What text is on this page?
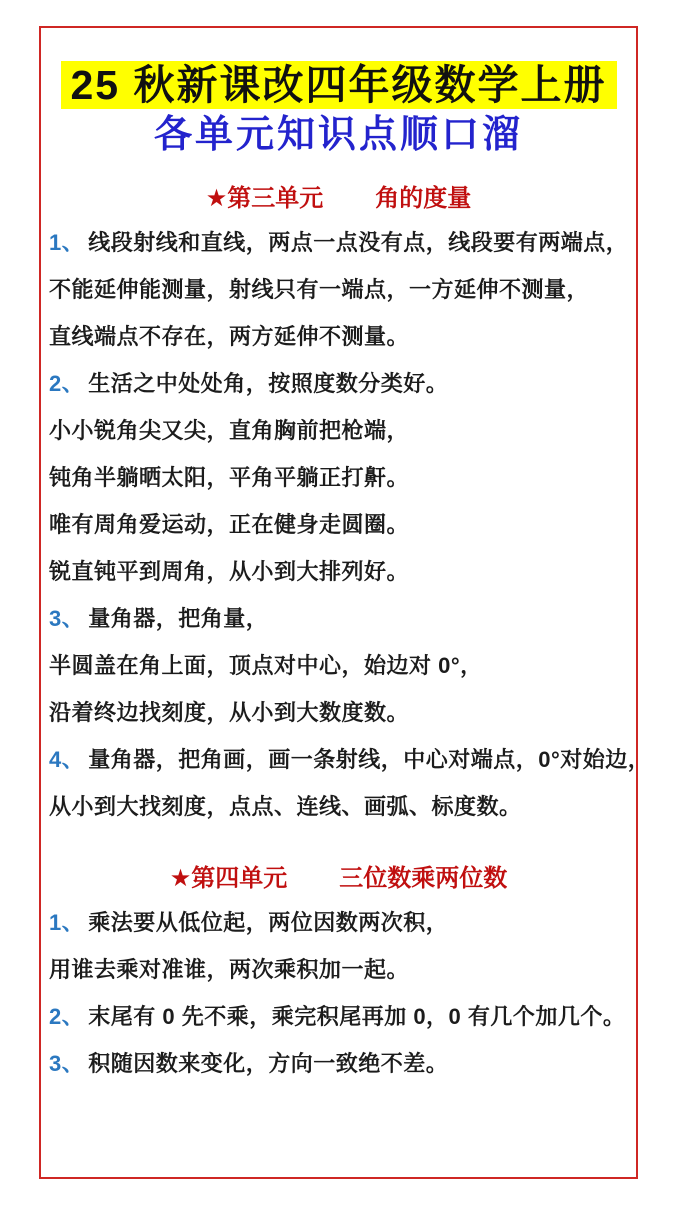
25 秋新课改四年级数学上册
各单元知识点顺口溜
★第三单元 角的度量
1、 线段射线和直线，两点一点没有点，线段要有两端点，
不能延伸能测量，射线只有一端点，一方延伸不测量，
直线端点不存在，两方延伸不测量。
2、 生活之中处处角，按照度数分类好。
小小锐角尖又尖，直角胸前把枪端，
钝角半躺晒太阳，平角平躺正打鼾。
唯有周角爱运动，正在健身走圆圈。
锐直钝平到周角，从小到大排列好。
3、 量角器，把角量，
半圆盖在角上面，顶点对中心，始边对 0°，
沿着终边找刻度，从小到大数度数。
4、 量角器，把角画，画一条射线，中心对端点，0°对始边，
从小到大找刻度，点点、连线、画弧、标度数。
★第四单元 三位数乘两位数
1、 乘法要从低位起，两位因数两次积，
用谁去乘对准谁，两次乘积加一起。
2、 末尾有 0 先不乘，乘完积尾再加 0，0 有几个加几个。
3、 积随因数来变化，方向一致绝不差。
